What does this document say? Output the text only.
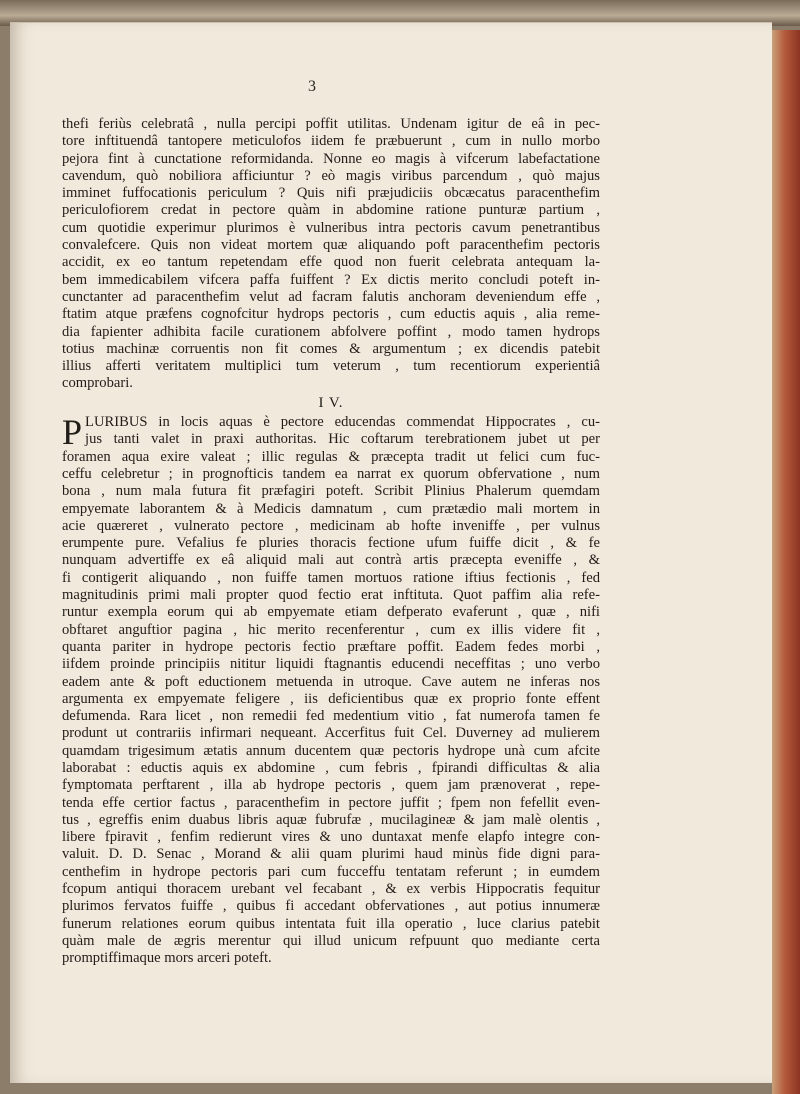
3
thefi feriùs celebratâ , nulla percipi poffit utilitas. Undenam igitur de eâ in pec-
tore inftituendâ tantopere meticulofos iidem fe præbuerunt , cum in nullo morbo
pejora fint à cunctatione reformidanda. Nonne eo magis à vifcerum labefactatione
cavendum, quò nobiliora afficiuntur ? eò magis viribus parcendum , quò majus
imminet fuffocationis periculum ? Quis nifi præjudiciis obcæcatus paracenthefim
periculofiorem credat in pectore quàm in abdomine ratione punturæ partium ,
cum quotidie experimur plurimos è vulneribus intra pectoris cavum penetrantibus
convalefcere. Quis non videat mortem quæ aliquando poft paracenthefim pectoris
accidit, ex eo tantum repetendam effe quod non fuerit celebrata antequam la-
bem immedicabilem vifcera paffa fuiffent ? Ex dictis merito concludi poteft in-
cunctanter ad paracenthefim velut ad facram falutis anchoram deveniendum effe ,
ftatim atque præfens cognofcitur hydrops pectoris , cum eductis aquis , alia reme-
dia fapienter adhibita facile curationem abfolvere poffint , modo tamen hydrops
totius machinæ corruentis non fit comes & argumentum ; ex dicendis patebit
illius afferti veritatem multiplici tum veterum , tum recentiorum experientiâ
comprobari.
I V.
P LURIBUS in locis aquas è pectore educendas commendat Hippocrates , cu-
jus tanti valet in praxi authoritas. Hic coftarum terebrationem jubet ut per
foramen aqua exire valeat ; illic regulas & præcepta tradit ut felici cum fuc-
ceffu celebretur ; in prognofticis tandem ea narrat ex quorum obfervatione , num
bona , num mala futura fit præfagiri poteft. Scribit Plinius Phalerum quemdam
empyemate laborantem & à Medicis damnatum , cum prætædio mali mortem in
acie quæreret , vulnerato pectore , medicinam ab hofte inveniffe , per vulnus
erumpente pure. Vefalius fe pluries thoracis fectione ufum fuiffe dicit , & fe
nunquam advertiffe ex eâ aliquid mali aut contrà artis præcepta eveniffe , &
fi contigerit aliquando , non fuiffe tamen mortuos ratione iftius fectionis , fed
magnitudinis primi mali propter quod fectio erat inftituta. Quot paffim alia refe-
runtur exempla eorum qui ab empyemate etiam defperato evaferunt , quæ , nifi
obftaret anguftior pagina , hic merito recenferentur , cum ex illis videre fit ,
quanta pariter in hydrope pectoris fectio præftare poffit. Eadem fedes morbi ,
iifdem proinde principiis nititur liquidi ftagnantis educendi neceffitas ; uno verbo
eadem ante & poft eductionem metuenda in utroque. Cave autem ne inferas nos
argumenta ex empyemate feligere , iis deficientibus quæ ex proprio fonte effent
defumenda. Rara licet , non remedii fed medentium vitio , fat numerofa tamen fe
produnt ut contrariis infirmari nequeant. Accerfitus fuit Cel. Duverney ad mulierem
quamdam trigesimum ætatis annum ducentem quæ pectoris hydrope unà cum afcite
laborabat : eductis aquis ex abdomine , cum febris , fpirandi difficultas & alia
fymptomata perftarent , illa ab hydrope pectoris , quem jam prænoverat , repe-
tenda effe certior factus , paracenthefim in pectore juffit ; fpem non fefellit even-
tus , egreffis enim duabus libris aquæ fubrufæ , mucilagineæ & jam malè olentis ,
libere fpiravit , fenfim redierunt vires & uno duntaxat menfe elapfo integre con-
valuit. D. D. Senac , Morand & alii quam plurimi haud minùs fide digni para-
centhefim in hydrope pectoris pari cum fucceffu tentatam referunt ; in eumdem
fcopum antiqui thoracem urebant vel fecabant , & ex verbis Hippocratis fequitur
plurimos fervatos fuiffe , quibus fi accedant obfervationes , aut potius innumeræ
funerum relationes eorum quibus intentata fuit illa operatio , luce clarius patebit
quàm male de ægris merentur qui illud unicum refpuunt quo mediante certa
promptiffimaque mors arceri poteft.
